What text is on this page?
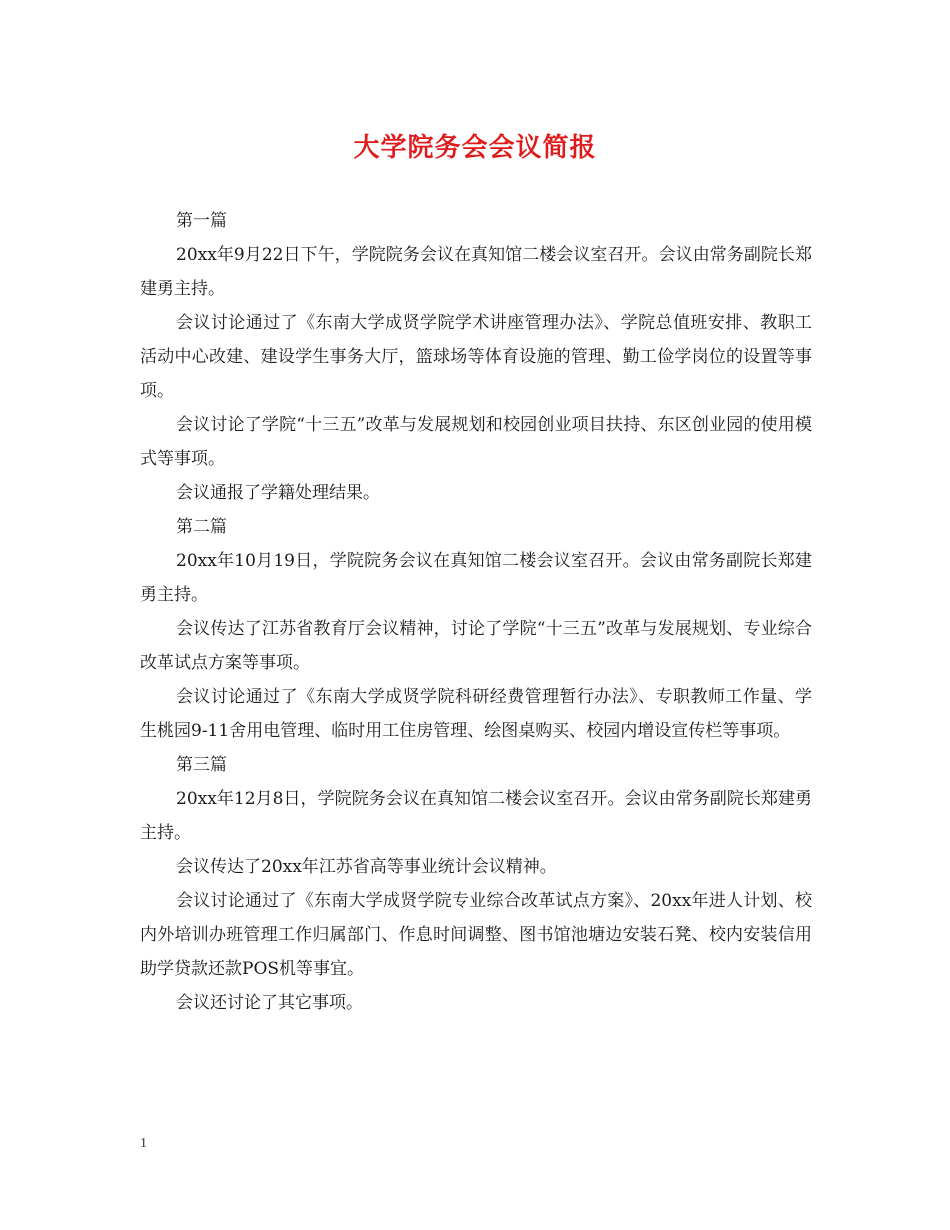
大学院务会会议简报

第一篇

20xx年9月22日下午，学院院务会议在真知馆二楼会议室召开。会议由常务副院长郑建勇主持。

会议讨论通过了《东南大学成贤学院学术讲座管理办法》、学院总值班安排、教职工活动中心改建、建设学生事务大厅，篮球场等体育设施的管理、勤工俭学岗位的设置等事项。

会议讨论了学院“十三五”改革与发展规划和校园创业项目扶持、东区创业园的使用模式等事项。

会议通报了学籍处理结果。

第二篇

20xx年10月19日，学院院务会议在真知馆二楼会议室召开。会议由常务副院长郑建勇主持。

会议传达了江苏省教育厅会议精神，讨论了学院“十三五”改革与发展规划、专业综合改革试点方案等事项。

会议讨论通过了《东南大学成贤学院科研经费管理暂行办法》、专职教师工作量、学生桃园9-11舍用电管理、临时用工住房管理、绘图桌购买、校园内增设宣传栏等事项。

第三篇

20xx年12月8日，学院院务会议在真知馆二楼会议室召开。会议由常务副院长郑建勇主持。

会议传达了20xx年江苏省高等事业统计会议精神。

会议讨论通过了《东南大学成贤学院专业综合改革试点方案》、20xx年进人计划、校内外培训办班管理工作归属部门、作息时间调整、图书馆池塘边安装石凳、校内安装信用助学贷款还款POS机等事宜。

会议还讨论了其它事项。

1
